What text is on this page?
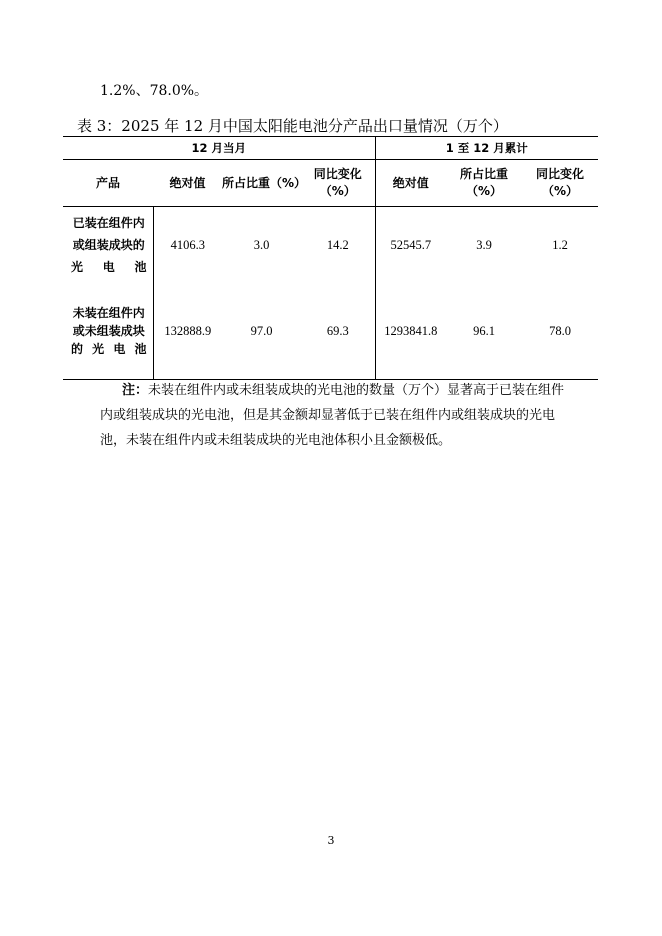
1.2%、78.0%。
表 3：2025 年 12 月中国太阳能电池分产品出口量情况（万个）
12 月当月				1 至 12 月累计		
产品	绝对值	所占比重（%）	同比变化（%）	绝对值	所占比重（%）	同比变化（%）
已装在组件内或组装成块的光电池	4106.3	3.0	14.2	52545.7	3.9	1.2
未装在组件内或未组装成块的光电池	132888.9	97.0	69.3	1293841.8	96.1	78.0
注：未装在组件内或未组装成块的光电池的数量（万个）显著高于已装在组件内或组装成块的光电池，但是其金额却显著低于已装在组件内或组装成块的光电池，未装在组件内或未组装成块的光电池体积小且金额极低。
3
